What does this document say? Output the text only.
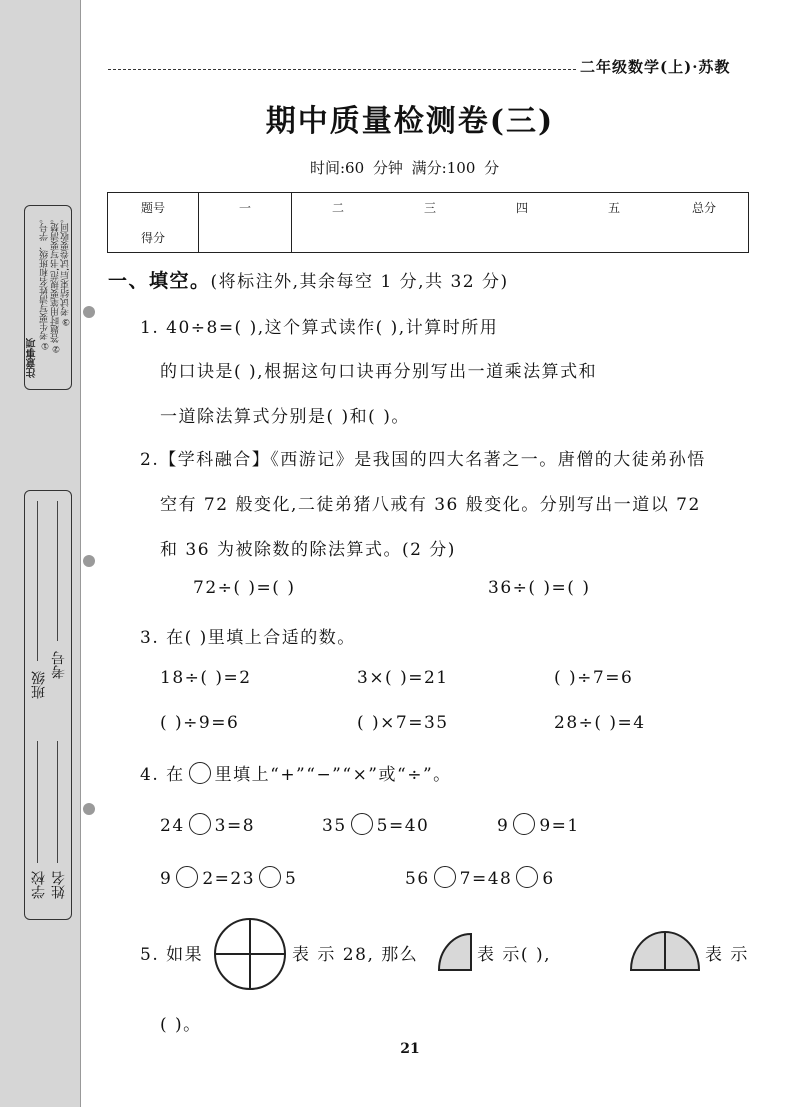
注意事项
①考生要写清姓名和班级、学号。 ②答题时用笔要规范,书写要清楚。 ③考试结束后,试卷要收回。
班级
考号
学校 姓名
二年级数学(上)·苏教
期中质量检测卷(三)
时间:60 分钟 满分:100 分
题号	一	二	三	四	五	总分
得分						
一、填空。(将标注外,其余每空 1 分,共 32 分)
1. 40÷8=( ),这个算式读作( ),计算时所用
的口诀是( ),根据这句口诀再分别写出一道乘法算式和
一道除法算式分别是( )和( )。
2.【学科融合】《西游记》是我国的四大名著之一。唐僧的大徒弟孙悟
空有 72 般变化,二徒弟猪八戒有 36 般变化。分别写出一道以 72
和 36 为被除数的除法算式。(2 分)
72÷( )=( )	36÷( )=( )
3. 在( )里填上合适的数。
18÷( )=2	3×( )=21	( )÷7=6
( )÷9=6	( )×7=35	28÷( )=4
4. 在 里填上“+”“−”“×”或“÷”。
24 3=8	35 5=40	9 9=1
9 2=23 5	56 7=48 6
5. 如果	表 示 28, 那么	表 示( ),	表 示
( )。
21
